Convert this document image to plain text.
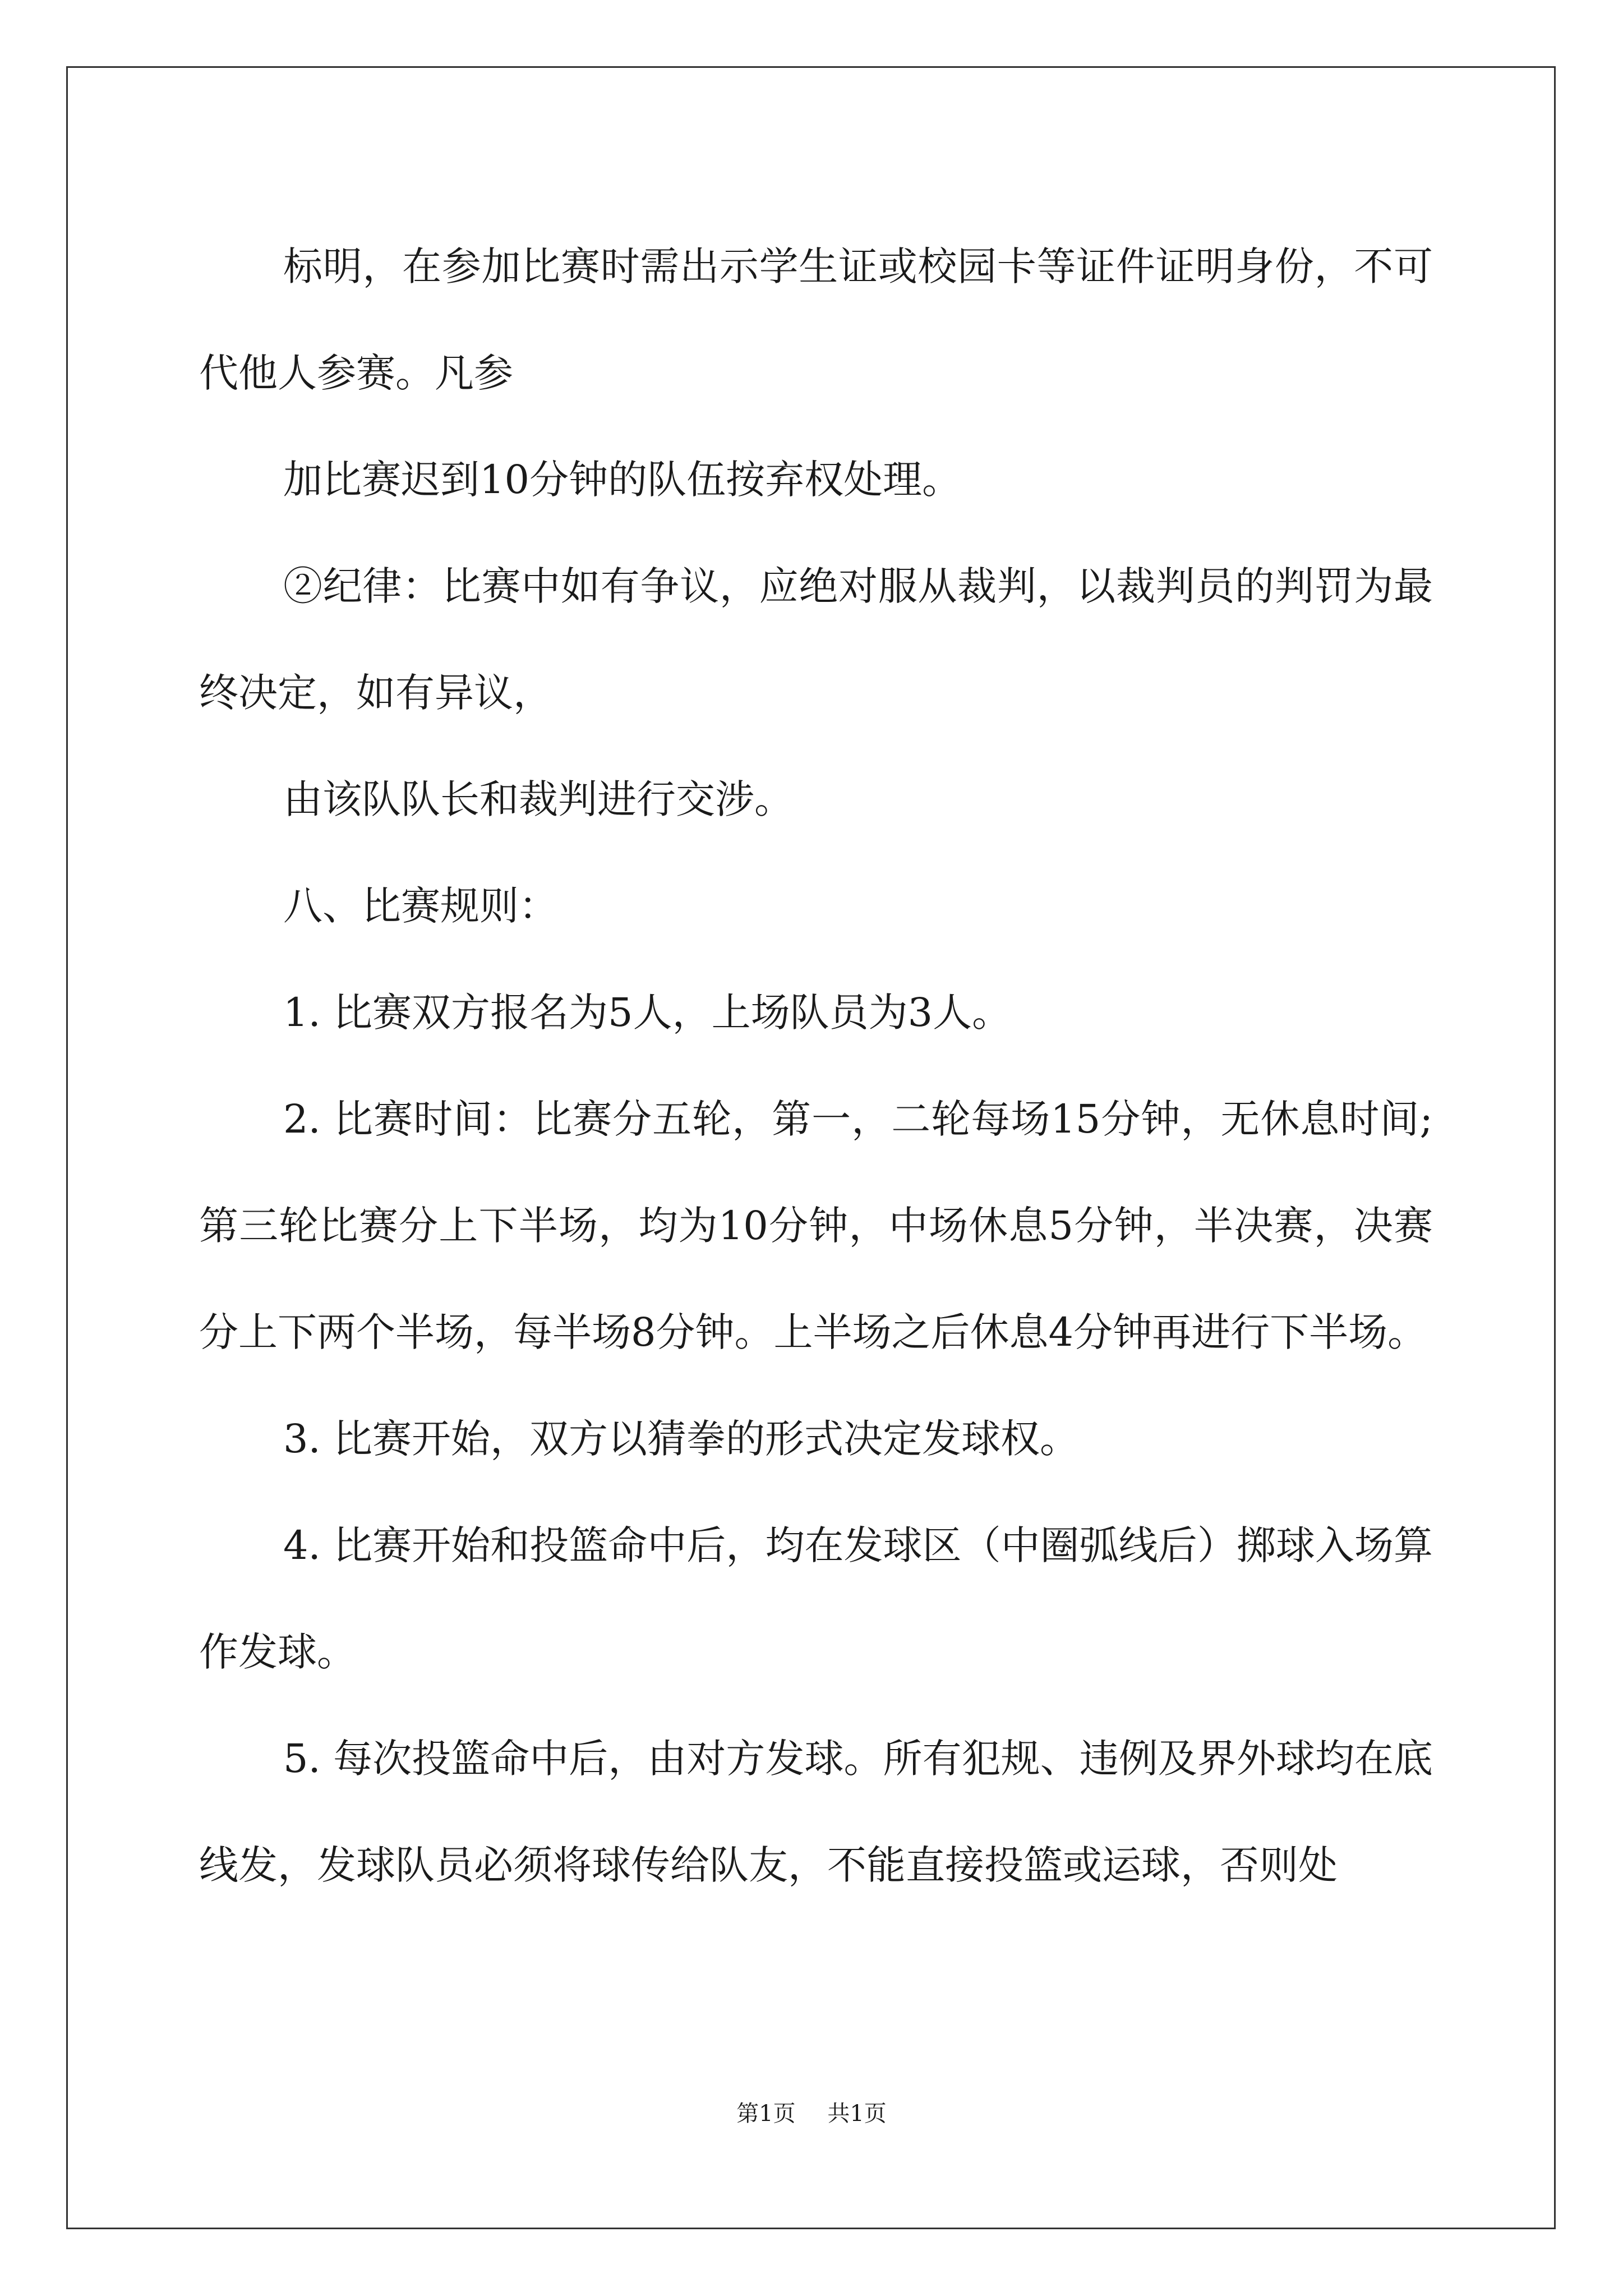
标明，在参加比赛时需出示学生证或校园卡等证件证明身份，不可代他人参赛。凡参

加比赛迟到10分钟的队伍按弃权处理。

②纪律：比赛中如有争议，应绝对服从裁判，以裁判员的判罚为最终决定，如有异议，

由该队队长和裁判进行交涉。

八、比赛规则：

1. 比赛双方报名为5人，上场队员为3人。

2. 比赛时间：比赛分五轮，第一，二轮每场15分钟，无休息时间; 第三轮比赛分上下半场，均为10分钟，中场休息5分钟，半决赛，决赛分上下两个半场，每半场8分钟。上半场之后休息4分钟再进行下半场。

3. 比赛开始，双方以猜拳的形式决定发球权。

4. 比赛开始和投篮命中后，均在发球区（中圈弧线后）掷球入场算作发球。

5. 每次投篮命中后，由对方发球。所有犯规、违例及界外球均在底线发，发球队员必须将球传给队友，不能直接投篮或运球，否则处

第1页 共1页
